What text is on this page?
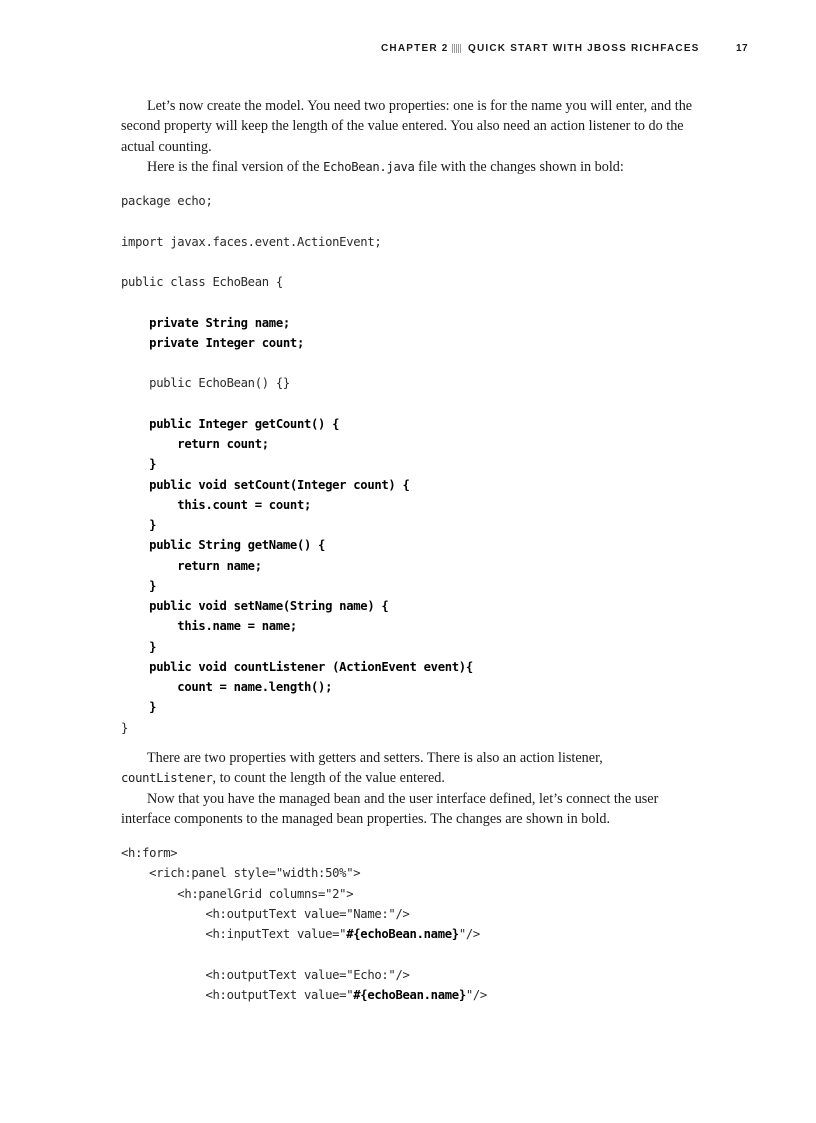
CHAPTER 2 QUICK START WITH JBOSS RICHFACES	17

Let’s now create the model. You need two properties: one is for the name you will enter, and the second property will keep the length of the value entered. You also need an action listener to do the actual counting.

Here is the final version of the EchoBean.java file with the changes shown in bold:

package echo;

import javax.faces.event.ActionEvent;

public class EchoBean {

private String name;
private Integer count;

public EchoBean() {}

public Integer getCount() {
return count;
}
public void setCount(Integer count) {
this.count = count;
}
public String getName() {
return name;
}
public void setName(String name) {
this.name = name;
}
public void countListener (ActionEvent event){
count = name.length();
}
}

There are two properties with getters and setters. There is also an action listener,
countListener, to count the length of the value entered.

Now that you have the managed bean and the user interface defined, let’s connect the user interface components to the managed bean properties. The changes are shown in bold.

<h:form>
<rich:panel style="width:50%">
<h:panelGrid columns="2">
<h:outputText value="Name:"/>
<h:inputText value="#{echoBean.name}"/>

<h:outputText value="Echo:"/>
<h:outputText value="#{echoBean.name}"/>
